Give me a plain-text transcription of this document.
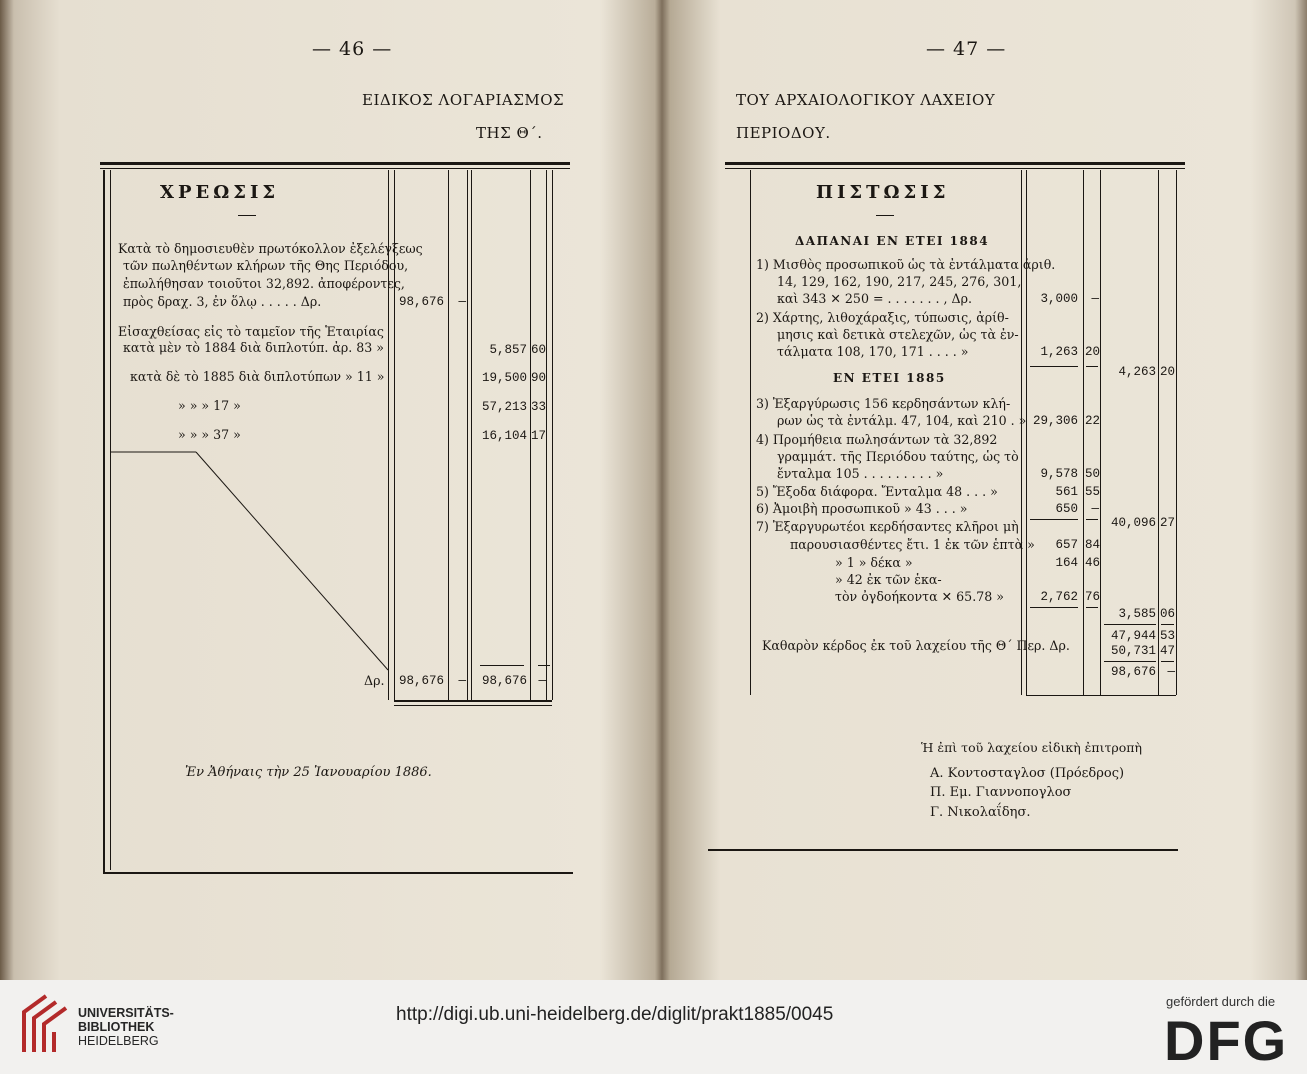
— 46 —
ΕΙΔΙΚΟΣ ΛΟΓΑΡΙΑΣΜΟΣ
ΤΗΣ Θ΄.
ΧΡΕΩΣΙΣ
Κατὰ τὸ δημοσιευθὲν πρωτόκολλον ἐξελέγξεως
τῶν πωληθέντων κλήρων τῆς Θης Περιόδου,
ἐπωλήθησαν τοιοῦτοι 32,892. ἀποφέροντες,
πρὸς δραχ. 3, ἐν ὅλῳ . . . . . Δρ.	98,676	—
Εἰσαχθείσας εἰς τὸ ταμεῖον τῆς Ἑταιρίας
κατὰ μὲν τὸ 1884 διὰ διπλοτύπ. ἀρ. 83 »	5,857 60
κατὰ δὲ τὸ 1885 διὰ διπλοτύπων » 11 »	19,500 90
» » » 17 »	57,213 33
» » » 37 »	16,104 17
Δρ. 98,676	—	98,676 —
Ἐν Ἀθήναις τὴν 25 Ἰανουαρίου 1886.
— 47 —
ΤΟΥ ΑΡΧΑΙΟΛΟΓΙΚΟΥ ΛΑΧΕΙΟΥ
ΠΕΡΙΟΔΟΥ.
ΠΙΣΤΩΣΙΣ
ΔΑΠΑΝΑΙ ΕΝ ΕΤΕΙ 1884
1) Μισθὸς προσωπικοῦ ὡς τὰ ἐντάλματα ἀριθ.
14, 129, 162, 190, 217, 245, 276, 301,
καὶ 343 ✕ 250 = . . . . . . . , Δρ.	3,000	—
2) Χάρτης, λιθοχάραξις, τύπωσις, ἀρίθ-
μησις καὶ δετικὰ στελεχῶν, ὡς τὰ ἐν-
τάλματα 108, 170, 171 . . . . »	1,263 20
4,263 20
ΕΝ ΕΤΕΙ 1885
3) Ἐξαργύρωσις 156 κερδησάντων κλή-
ρων ὡς τὰ ἐντάλμ. 47, 104, καὶ 210 . » 29,306 22
4) Προμήθεια πωλησάντων τὰ 32,892
γραμμάτ. τῆς Περιόδου ταύτης, ὡς τὸ
ἔνταλμα 105 . . . . . . . . . »	9,578 50
5) Ἔξοδα διάφορα. Ἔνταλμα 48 . . . »	561 55
6) Ἀμοιβὴ προσωπικοῦ » 43 . . . »	650	—
40,096 27
7) Ἐξαργυρωτέοι κερδήσαντες κλῆροι μὴ
παρουσιασθέντες ἔτι. 1 ἐκ τῶν ἑπτὰ »	657 84
» 1 » δέκα »	164 46
» 42 ἐκ τῶν ἑκα-
τὸν ὀγδοήκοντα ✕ 65.78 »	2,762 76
3,585 06
47,944 53
Καθαρὸν κέρδος ἐκ τοῦ λαχείου τῆς Θ΄ Περ. Δρ.	50,731 47
98,676 —
Ἡ ἐπὶ τοῦ λαχείου εἰδικὴ ἐπιτροπὴ
Α. Κοντοσταγλοσ (Πρόεδρος)
Π. Εμ. Γιαννοπογλοσ
Γ. Νικολαΐδησ.
UNIVERSITÄTS-
BIBLIOTHEK
HEIDELBERG
http://digi.ub.uni-heidelberg.de/diglit/prakt1885/0045
gefördert durch die
DFG
